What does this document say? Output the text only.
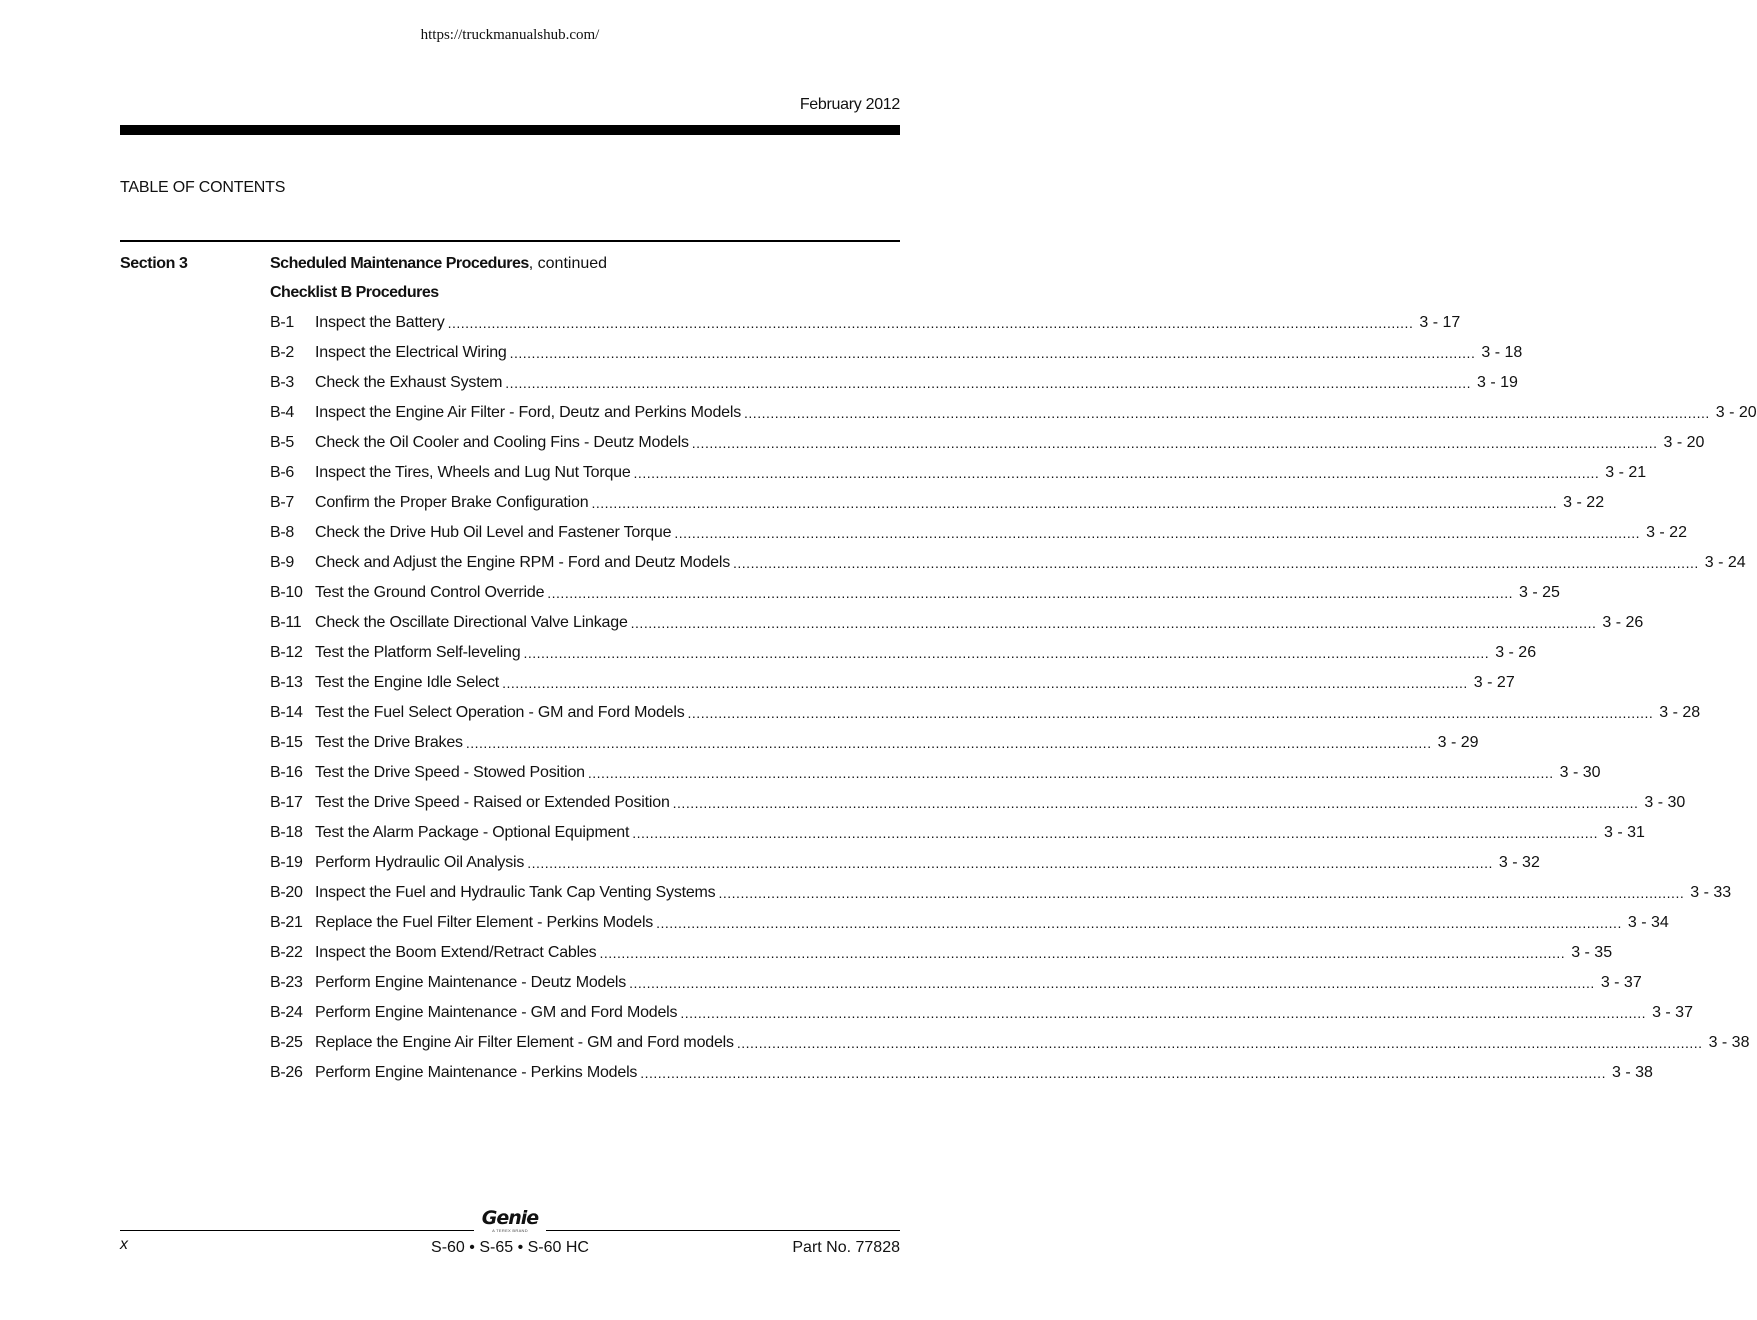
https://truckmanualshub.com/
February 2012
TABLE OF CONTENTS
Section 3	Scheduled Maintenance Procedures, continued
Checklist B Procedures
B-1	Inspect the Battery ............................................................................................................................................................................................................................ 3 - 17
B-2	Inspect the Electrical Wiring ............................................................................................................................................................................................................................ 3 - 18
B-3	Check the Exhaust System ............................................................................................................................................................................................................................ 3 - 19
B-4	Inspect the Engine Air Filter - Ford, Deutz and Perkins Models ............................................................................................................................................................................................................................ 3 - 20
B-5	Check the Oil Cooler and Cooling Fins - Deutz Models ............................................................................................................................................................................................................................ 3 - 20
B-6	Inspect the Tires, Wheels and Lug Nut Torque ............................................................................................................................................................................................................................ 3 - 21
B-7	Confirm the Proper Brake Configuration ............................................................................................................................................................................................................................ 3 - 22
B-8	Check the Drive Hub Oil Level and Fastener Torque ............................................................................................................................................................................................................................ 3 - 22
B-9	Check and Adjust the Engine RPM - Ford and Deutz Models ............................................................................................................................................................................................................................ 3 - 24
B-10 Test the Ground Control Override ............................................................................................................................................................................................................................ 3 - 25
B-11 Check the Oscillate Directional Valve Linkage ............................................................................................................................................................................................................................ 3 - 26
B-12 Test the Platform Self-leveling ............................................................................................................................................................................................................................ 3 - 26
B-13 Test the Engine Idle Select ............................................................................................................................................................................................................................ 3 - 27
B-14 Test the Fuel Select Operation - GM and Ford Models ............................................................................................................................................................................................................................ 3 - 28
B-15 Test the Drive Brakes ............................................................................................................................................................................................................................ 3 - 29
B-16 Test the Drive Speed - Stowed Position ............................................................................................................................................................................................................................ 3 - 30
B-17 Test the Drive Speed - Raised or Extended Position ............................................................................................................................................................................................................................ 3 - 30
B-18 Test the Alarm Package - Optional Equipment ............................................................................................................................................................................................................................ 3 - 31
B-19 Perform Hydraulic Oil Analysis ............................................................................................................................................................................................................................ 3 - 32
B-20 Inspect the Fuel and Hydraulic Tank Cap Venting Systems ............................................................................................................................................................................................................................ 3 - 33
B-21 Replace the Fuel Filter Element - Perkins Models ............................................................................................................................................................................................................................ 3 - 34
B-22 Inspect the Boom Extend/Retract Cables ............................................................................................................................................................................................................................ 3 - 35
B-23 Perform Engine Maintenance - Deutz Models ............................................................................................................................................................................................................................ 3 - 37
B-24 Perform Engine Maintenance - GM and Ford Models ............................................................................................................................................................................................................................ 3 - 37
B-25 Replace the Engine Air Filter Element - GM and Ford models ............................................................................................................................................................................................................................ 3 - 38
B-26 Perform Engine Maintenance - Perkins Models ............................................................................................................................................................................................................................ 3 - 38
Genie
A TEREX BRAND
x	S-60 • S-65 • S-60 HC	Part No. 77828
